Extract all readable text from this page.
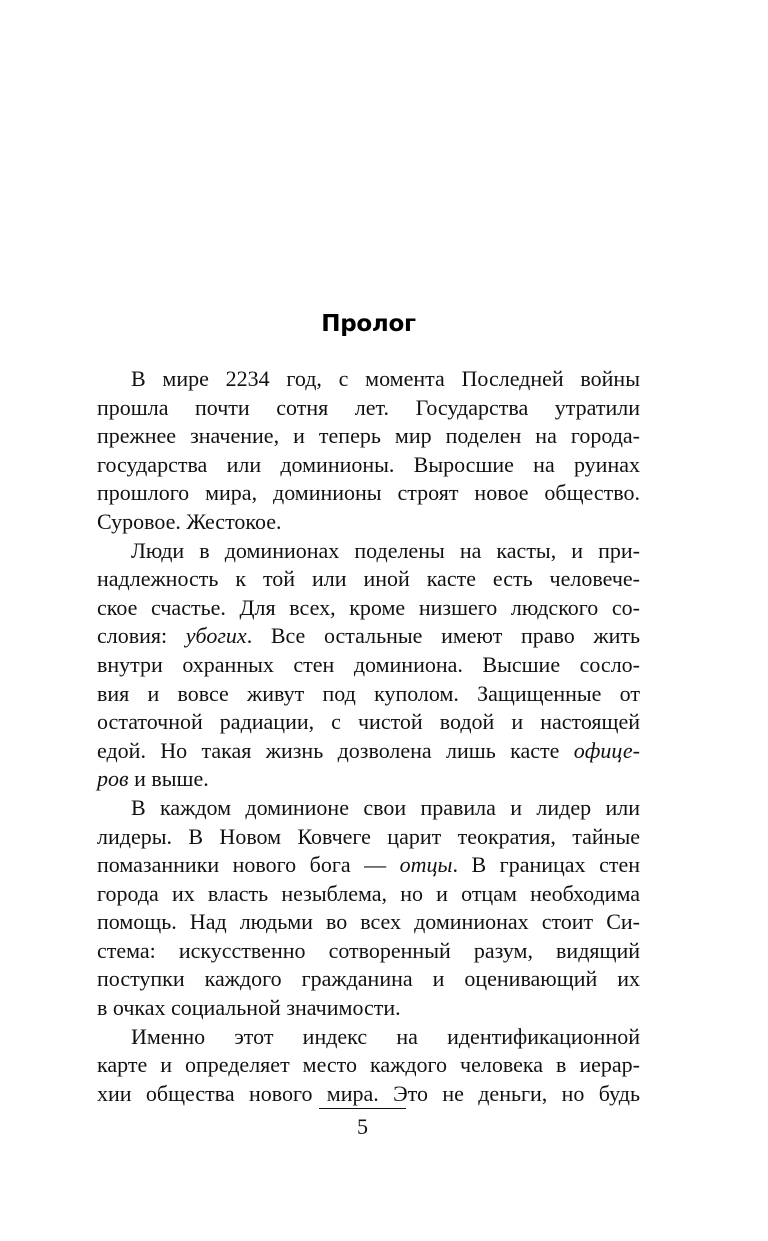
Пролог
В мире 2234 год, с момента Последней войны
прошла почти сотня лет. Государства утратили
прежнее значение, и теперь мир поделен на города-
государства или доминионы. Выросшие на руинах
прошлого мира, доминионы строят новое общество.
Суровое. Жестокое.
Люди в доминионах поделены на касты, и при-
надлежность к той или иной касте есть человече-
ское счастье. Для всех, кроме низшего людского со-
словия: убогих. Все остальные имеют право жить
внутри охранных стен доминиона. Высшие сосло-
вия и вовсе живут под куполом. Защищенные от
остаточной радиации, с чистой водой и настоящей
едой. Но такая жизнь дозволена лишь касте офице-
ров и выше.
В каждом доминионе свои правила и лидер или
лидеры. В Новом Ковчеге царит теократия, тайные
помазанники нового бога — отцы. В границах стен
города их власть незыблема, но и отцам необходима
помощь. Над людьми во всех доминионах стоит Си-
стема: искусственно сотворенный разум, видящий
поступки каждого гражданина и оценивающий их
в очках социальной значимости.
Именно этот индекс на идентификационной
карте и определяет место каждого человека в иерар-
хии общества нового мира. Это не деньги, но будь
5
